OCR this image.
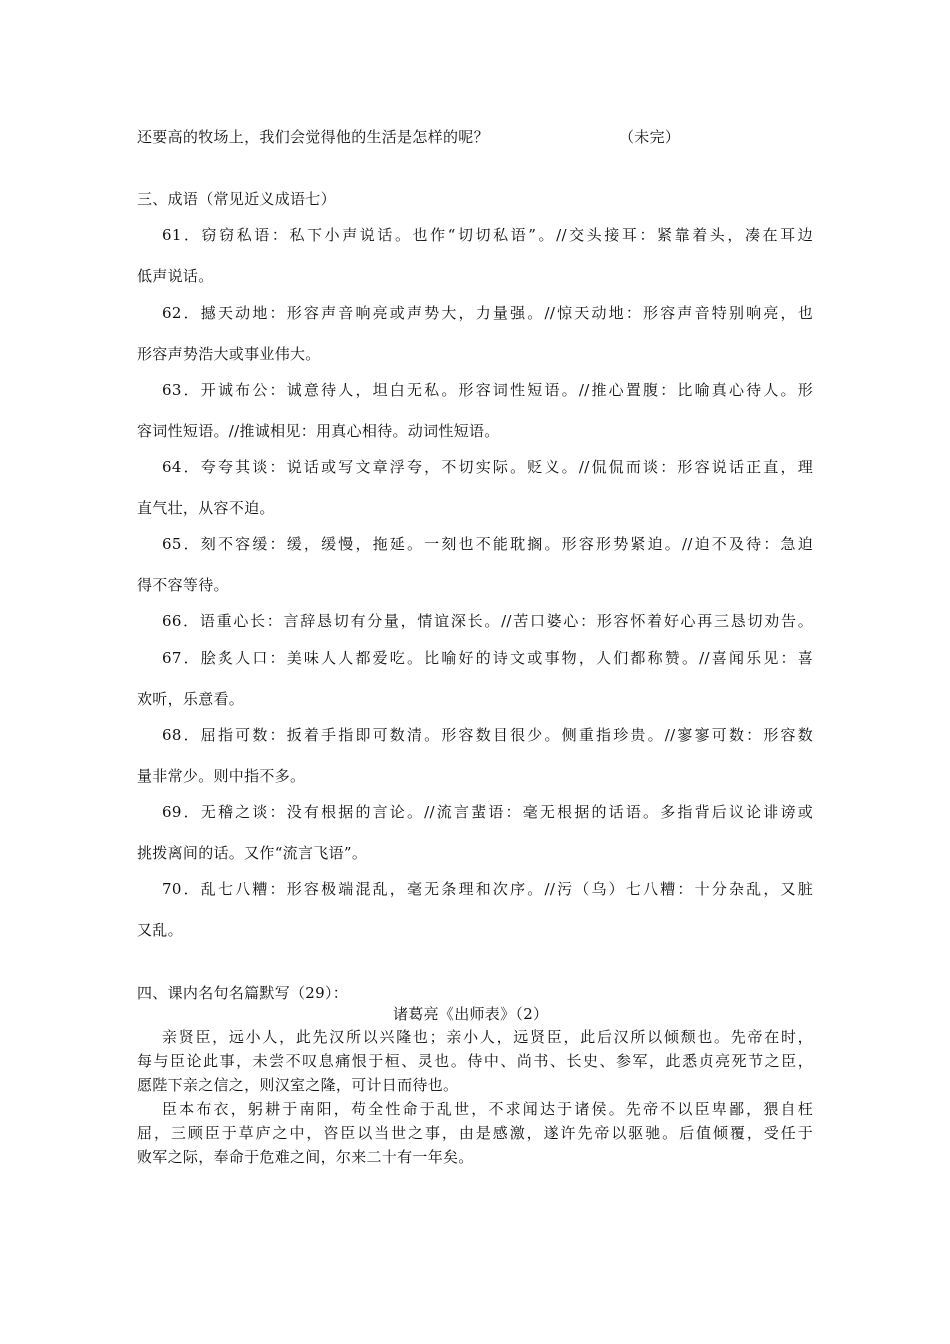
还要高的牧场上，我们会觉得他的生活是怎样的呢？	（未完）
三、成语（常见近义成语七）
61．窃窃私语：私下小声说话。也作“切切私语”。//交头接耳：紧靠着头，凑在耳边
低声说话。
62．撼天动地：形容声音响亮或声势大，力量强。//惊天动地：形容声音特别响亮，也
形容声势浩大或事业伟大。
63．开诚布公：诚意待人，坦白无私。形容词性短语。//推心置腹：比喻真心待人。形
容词性短语。//推诚相见：用真心相待。动词性短语。
64．夸夸其谈：说话或写文章浮夸，不切实际。贬义。//侃侃而谈：形容说话正直，理
直气壮，从容不迫。
65．刻不容缓：缓，缓慢，拖延。一刻也不能耽搁。形容形势紧迫。//迫不及待：急迫
得不容等待。
66．语重心长：言辞恳切有分量，情谊深长。//苦口婆心：形容怀着好心再三恳切劝告。
67．脍炙人口：美味人人都爱吃。比喻好的诗文或事物，人们都称赞。//喜闻乐见：喜
欢听，乐意看。
68．屈指可数：扳着手指即可数清。形容数目很少。侧重指珍贵。//寥寥可数：形容数
量非常少。则中指不多。
69．无稽之谈：没有根据的言论。//流言蜚语：毫无根据的话语。多指背后议论诽谤或
挑拨离间的话。又作“流言飞语”。
70．乱七八糟：形容极端混乱，毫无条理和次序。//污（乌）七八糟：十分杂乱，又脏
又乱。
四、课内名句名篇默写（29）：
诸葛亮《出师表》（2）
亲贤臣，远小人，此先汉所以兴隆也；亲小人，远贤臣，此后汉所以倾颓也。先帝在时，
每与臣论此事，未尝不叹息痛恨于桓、灵也。侍中、尚书、长史、参军，此悉贞亮死节之臣，
愿陛下亲之信之，则汉室之隆，可计日而待也。
臣本布衣，躬耕于南阳，苟全性命于乱世，不求闻达于诸侯。先帝不以臣卑鄙，猥自枉
屈，三顾臣于草庐之中，咨臣以当世之事，由是感激，遂许先帝以驱驰。后值倾覆，受任于
败军之际，奉命于危难之间，尔来二十有一年矣。
